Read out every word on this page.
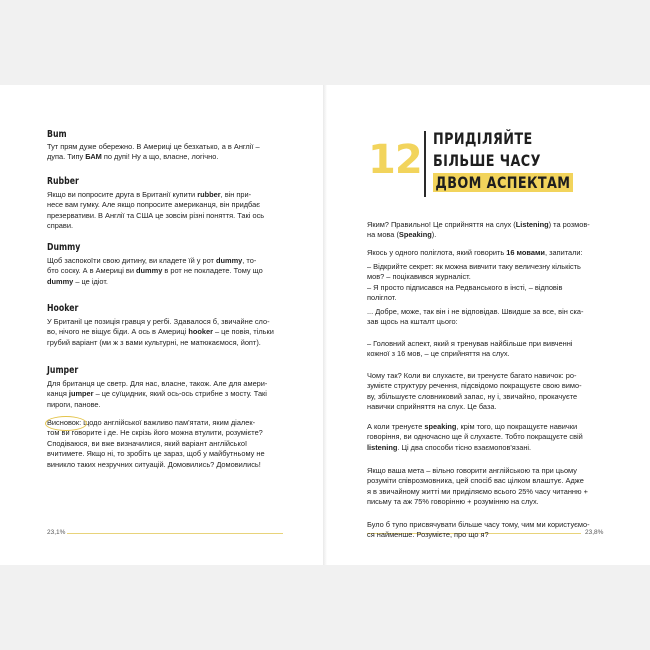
23,1%
Bum
Тут прям дуже обережно. В Америці це безхатько, а в Англії –
дупа. Типу БАМ по дупі! Ну а що, власне, логічно.
Rubber
Якщо ви попросите друга в Британії купити rubber, він при-
несе вам гумку. Але якщо попросите американця, він придбає
презервативи. В Англії та США це зовсім різні поняття. Такі ось
справи.
Dummy
Щоб заспокоїти свою дитину, ви кладете їй у рот dummy, то-
бто соску. А в Америці ви dummy в рот не покладете. Тому що
dummy – це ідіот.
Hooker
У Британії це позиція гравця у регбі. Здавалося б, звичайне сло-
во, нічого не віщує біди. А ось в Америці hooker – це повія, тільки
грубий варіант (ми ж з вами культурні, не матюкаємося, йопт).
Jumper
Для британця це светр. Для нас, власне, також. Але для амери-
канця jumper – це суїцидник, який ось-ось стрибне з мосту. Такі
пироги, панове.
Висновок: щодо англійської важливо пам'ятати, яким діалек-
том ви говорите і де. Не скрізь його можна втулити, розумієте?
Сподіваюся, ви вже визначилися, який варіант англійської
вчитимете. Якщо ні, то зробіть це зараз, щоб у майбутньому не
виникло таких незручних ситуацій. Домовились? Домовились!
12 ПРИДІЛЯЙТЕ
БІЛЬШЕ ЧАСУ
ДВОМ АСПЕКТАМ
23,8%
Яким? Правильно! Це сприйняття на слух (Listening) та розмов-
на мова (Speaking).
Якось у одного поліглота, який говорить 16 мовами, запитали:
– Відкрийте секрет: як можна вивчити таку величезну кількість
мов? – поцікавився журналіст.
– Я просто підписався на Редванського в інсті, – відповів
поліглот.
... Добре, може, так він і не відповідав. Швидше за все, він ска-
зав щось на кшталт цього:
– Головний аспект, який я тренував найбільше при вивченні
кожної з 16 мов, – це сприйняття на слух.
Чому так? Коли ви слухаєте, ви тренуєте багато навичок: ро-
зумієте структуру речення, підсвідомо покращуєте свою вимо-
ву, збільшуєте словниковий запас, ну і, звичайно, прокачуєте
навички сприйняття на слух. Це база.
А коли тренуєте speaking, крім того, що покращуєте навички
говоріння, ви одночасно ще й слухаєте. Тобто покращуєте свій
listening. Ці два способи тісно взаємопов'язані.
Якщо ваша мета – вільно говорити англійською та при цьому
розуміти співрозмовника, цей спосіб вас цілком влаштує. Адже
я в звичайному житті ми приділяємо всього 25% часу читанню +
письму та аж 75% говорінню + розумінню на слух.
Було б тупо присвячувати більше часу тому, чим ми користуємо-
ся найменше. Розумієте, про що я?
